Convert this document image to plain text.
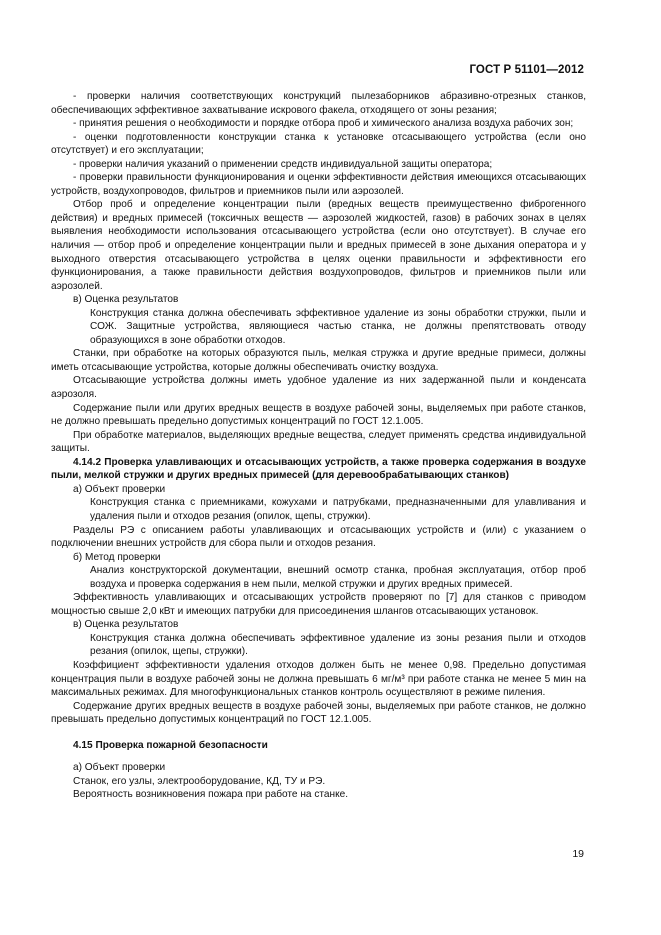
ГОСТ Р 51101—2012

- проверки наличия соответствующих конструкций пылезаборников абразивно-отрезных станков, обеспечивающих эффективное захватывание искрового факела, отходящего от зоны резания;

- принятия решения о необходимости и порядке отбора проб и химического анализа воздуха рабочих зон;

- оценки подготовленности конструкции станка к установке отсасывающего устройства (если оно отсутствует) и его эксплуатации;

- проверки наличия указаний о применении средств индивидуальной защиты оператора;

- проверки правильности функционирования и оценки эффективности действия имеющихся отсасывающих устройств, воздухопроводов, фильтров и приемников пыли или аэрозолей.

Отбор проб и определение концентрации пыли (вредных веществ преимущественно фиброгенного действия) и вредных примесей (токсичных веществ — аэрозолей жидкостей, газов) в рабочих зонах в целях выявления необходимости использования отсасывающего устройства (если оно отсутствует). В случае его наличия — отбор проб и определение концентрации пыли и вредных примесей в зоне дыхания оператора и у выходного отверстия отсасывающего устройства в целях оценки правильности и эффективности его функционирования, а также правильности действия воздухопроводов, фильтров и приемников пыли или аэрозолей.

в) Оценка результатов

Конструкция станка должна обеспечивать эффективное удаление из зоны обработки стружки, пыли и СОЖ. Защитные устройства, являющиеся частью станка, не должны препятствовать отводу образующихся в зоне обработки отходов.

Станки, при обработке на которых образуются пыль, мелкая стружка и другие вредные примеси, должны иметь отсасывающие устройства, которые должны обеспечивать очистку воздуха.

Отсасывающие устройства должны иметь удобное удаление из них задержанной пыли и конденсата аэрозоля.

Содержание пыли или других вредных веществ в воздухе рабочей зоны, выделяемых при работе станков, не должно превышать предельно допустимых концентраций по ГОСТ 12.1.005.

При обработке материалов, выделяющих вредные вещества, следует применять средства индивидуальной защиты.

4.14.2 Проверка улавливающих и отсасывающих устройств, а также проверка содержания в воздухе пыли, мелкой стружки и других вредных примесей (для деревообрабатывающих станков)

а) Объект проверки

Конструкция станка с приемниками, кожухами и патрубками, предназначенными для улавливания и удаления пыли и отходов резания (опилок, щепы, стружки).

Разделы РЭ с описанием работы улавливающих и отсасывающих устройств и (или) с указанием о подключении внешних устройств для сбора пыли и отходов резания.

б) Метод проверки

Анализ конструкторской документации, внешний осмотр станка, пробная эксплуатация, отбор проб воздуха и проверка содержания в нем пыли, мелкой стружки и других вредных примесей.

Эффективность улавливающих и отсасывающих устройств проверяют по [7] для станков с приводом мощностью свыше 2,0 кВт и имеющих патрубки для присоединения шлангов отсасывающих установок.

в) Оценка результатов

Конструкция станка должна обеспечивать эффективное удаление из зоны резания пыли и отходов резания (опилок, щепы, стружки).

Коэффициент эффективности удаления отходов должен быть не менее 0,98. Предельно допустимая концентрация пыли в воздухе рабочей зоны не должна превышать 6 мг/м³ при работе станка не менее 5 мин на максимальных режимах. Для многофункциональных станков контроль осуществляют в режиме пиления.

Содержание других вредных веществ в воздухе рабочей зоны, выделяемых при работе станков, не должно превышать предельно допустимых концентраций по ГОСТ 12.1.005.

4.15 Проверка пожарной безопасности

а) Объект проверки

Станок, его узлы, электрооборудование, КД, ТУ и РЭ.

Вероятность возникновения пожара при работе на станке.

19
